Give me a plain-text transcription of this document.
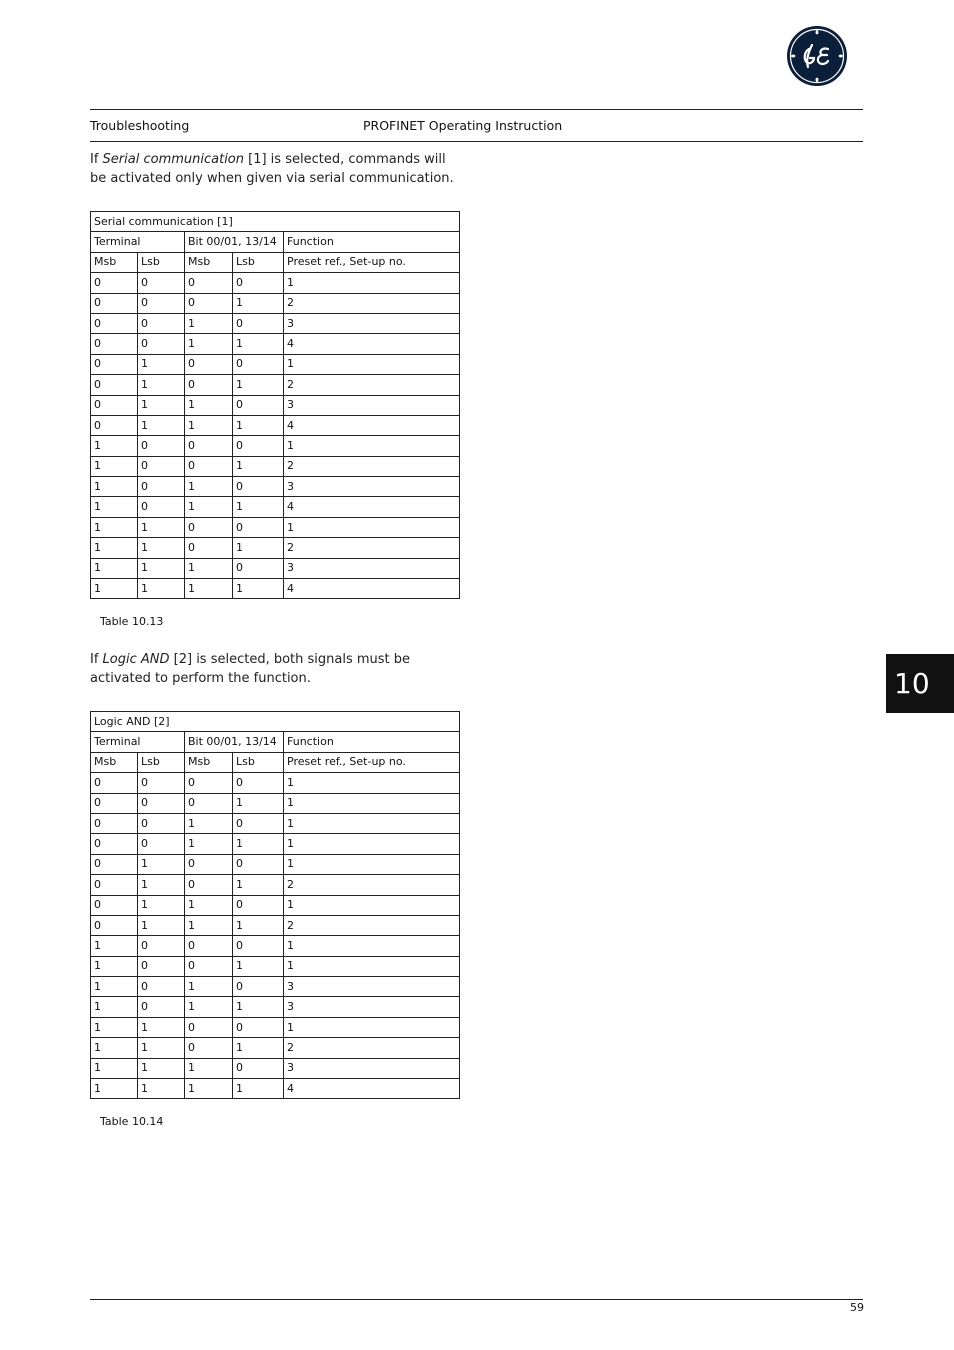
Troubleshooting	PROFINET Operating Instruction

If Serial communication [1] is selected, commands will be activated only when given via serial communication.

Serial communication [1]				
Terminal		Bit 00/01, 13/14		Function
Msb	Lsb	Msb	Lsb	Preset ref., Set-up no.
0	0	0	0	1
0	0	0	1	2
0	0	1	0	3
0	0	1	1	4
0	1	0	0	1
0	1	0	1	2
0	1	1	0	3
0	1	1	1	4
1	0	0	0	1
1	0	0	1	2
1	0	1	0	3
1	0	1	1	4
1	1	0	0	1
1	1	0	1	2
1	1	1	0	3
1	1	1	1	4
Table 10.13

If Logic AND [2] is selected, both signals must be activated to perform the function.

Logic AND [2]				
Terminal		Bit 00/01, 13/14		Function
Msb	Lsb	Msb	Lsb	Preset ref., Set-up no.
0	0	0	0	1
0	0	0	1	1
0	0	1	0	1
0	0	1	1	1
0	1	0	0	1
0	1	0	1	2
0	1	1	0	1
0	1	1	1	2
1	0	0	0	1
1	0	0	1	1
1	0	1	0	3
1	0	1	1	3
1	1	0	0	1
1	1	0	1	2
1	1	1	0	3
1	1	1	1	4
Table 10.14
10
59
